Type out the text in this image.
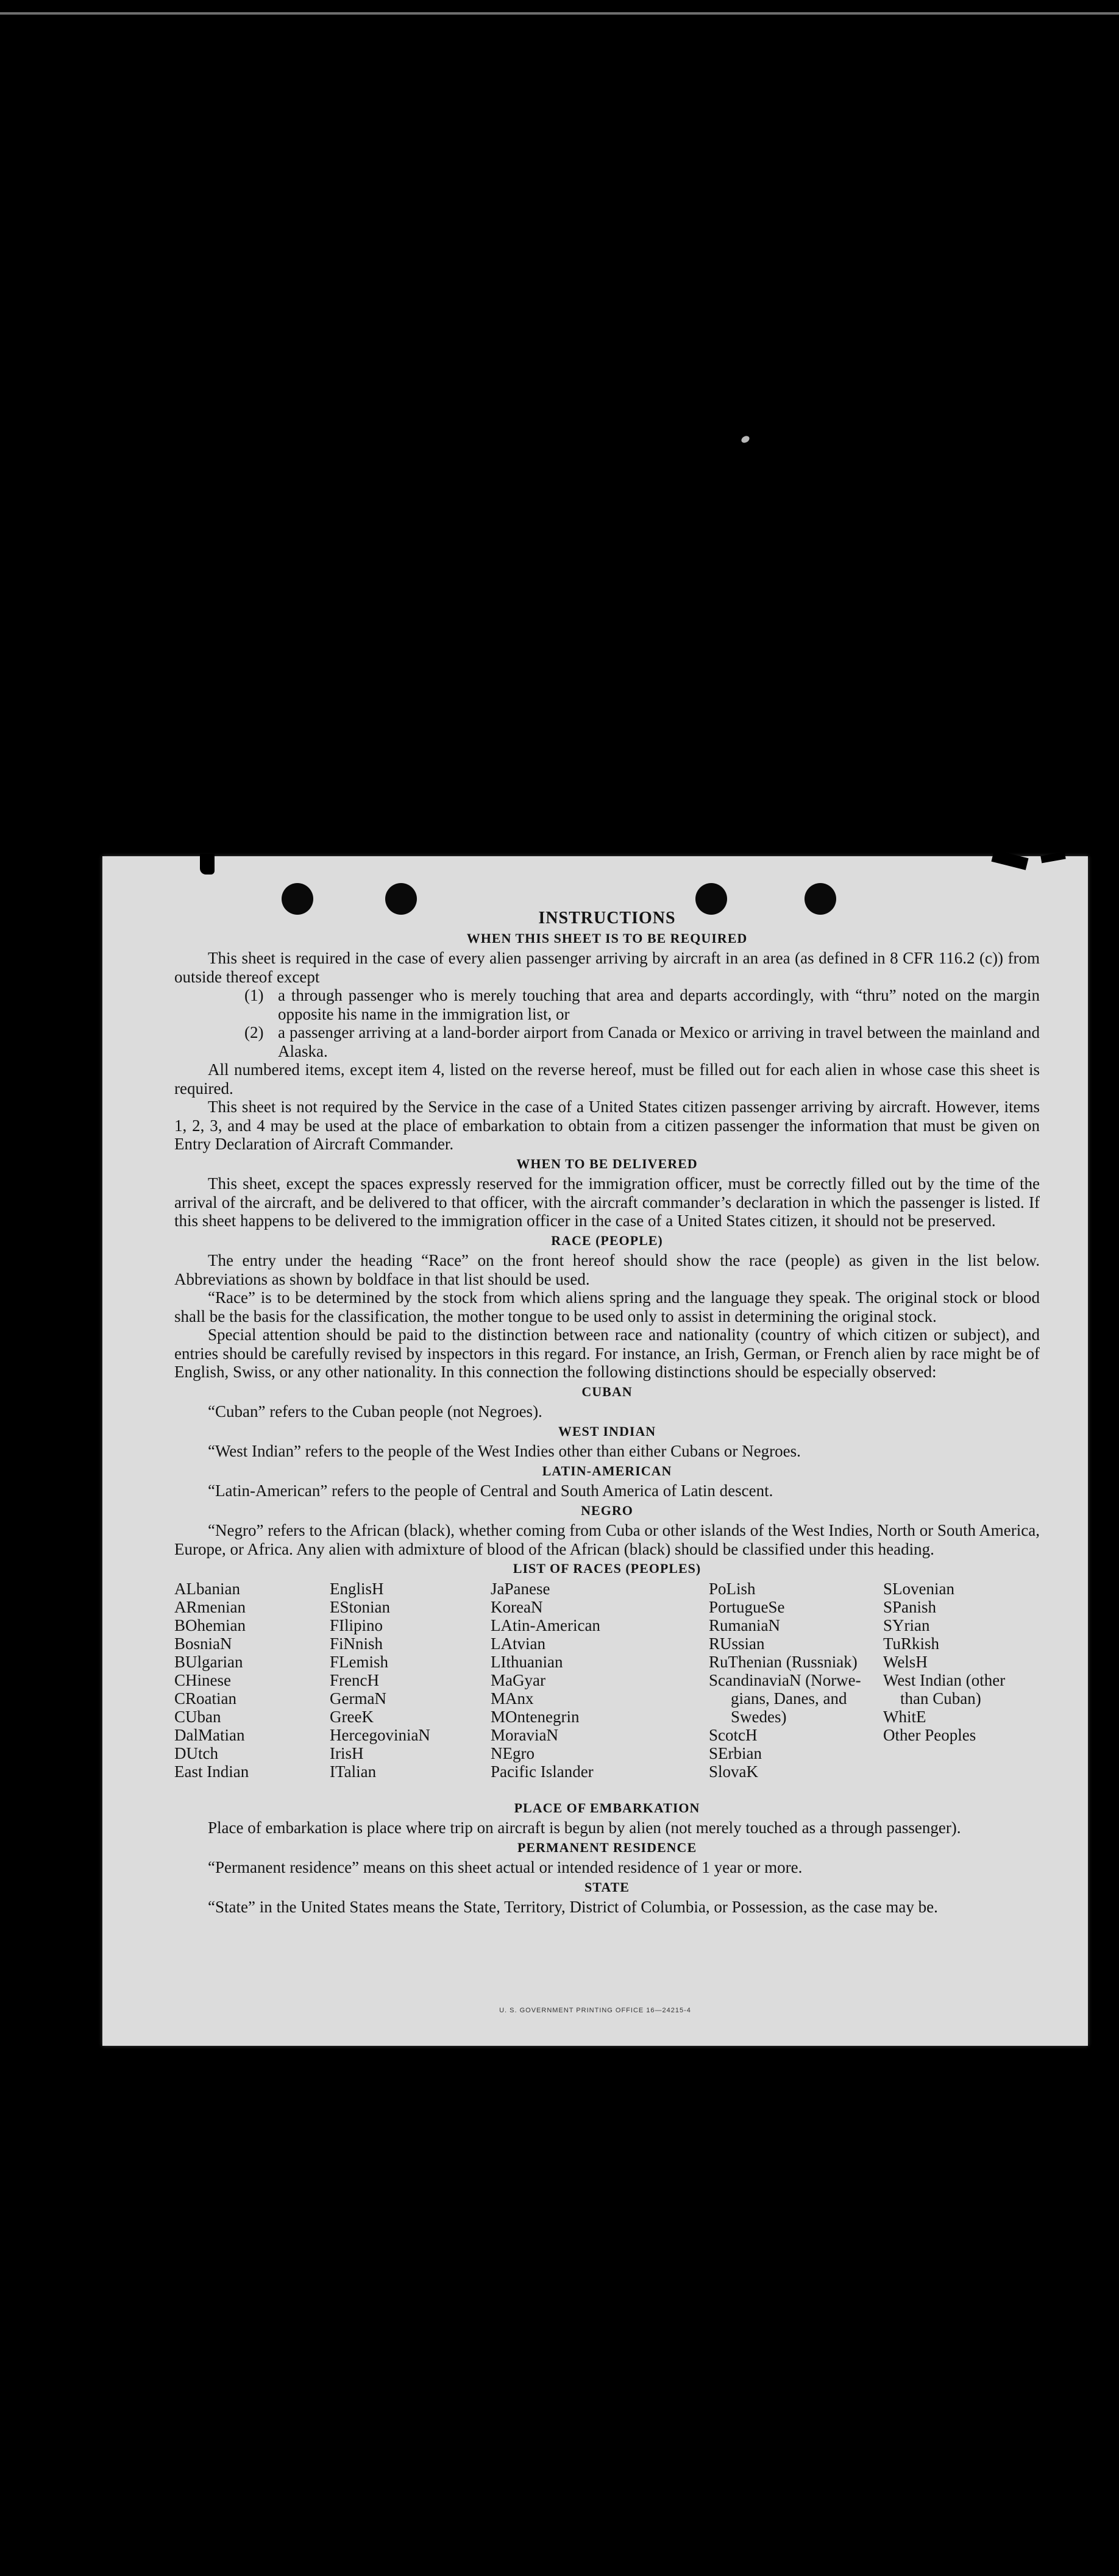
INSTRUCTIONS
WHEN THIS SHEET IS TO BE REQUIRED

This sheet is required in the case of every alien passenger arriving by aircraft in an area (as defined in 8 CFR 116.2 (c)) from outside thereof except

(1) a through passenger who is merely touching that area and departs accordingly, with “thru” noted on the margin opposite his name in the immigration list, or
(2) a passenger arriving at a land-border airport from Canada or Mexico or arriving in travel between the mainland and Alaska.

All numbered items, except item 4, listed on the reverse hereof, must be filled out for each alien in whose case this sheet is required.

This sheet is not required by the Service in the case of a United States citizen passenger arriving by aircraft. However, items 1, 2, 3, and 4 may be used at the place of embarkation to obtain from a citizen passenger the information that must be given on Entry Declaration of Aircraft Commander.

WHEN TO BE DELIVERED

This sheet, except the spaces expressly reserved for the immigration officer, must be correctly filled out by the time of the arrival of the aircraft, and be delivered to that officer, with the aircraft commander’s declaration in which the passenger is listed. If this sheet happens to be delivered to the immigration officer in the case of a United States citizen, it should not be preserved.

RACE (PEOPLE)

The entry under the heading “Race” on the front hereof should show the race (people) as given in the list below. Abbreviations as shown by boldface in that list should be used.

“Race” is to be determined by the stock from which aliens spring and the language they speak. The original stock or blood shall be the basis for the classification, the mother tongue to be used only to assist in determining the original stock.

Special attention should be paid to the distinction between race and nationality (country of which citizen or subject), and entries should be carefully revised by inspectors in this regard. For instance, an Irish, German, or French alien by race might be of English, Swiss, or any other nationality. In this connection the following distinctions should be especially observed:

CUBAN

“Cuban” refers to the Cuban people (not Negroes).

WEST INDIAN

“West Indian” refers to the people of the West Indies other than either Cubans or Negroes.

LATIN-AMERICAN

“Latin-American” refers to the people of Central and South America of Latin descent.

NEGRO

“Negro” refers to the African (black), whether coming from Cuba or other islands of the West Indies, North or South America, Europe, or Africa. Any alien with admixture of blood of the African (black) should be classified under this heading.

LIST OF RACES (PEOPLES)
ALbanian
ARmenian
BOhemian
BosniaN
BUlgarian
CHinese
CRoatian
CUban
DalMatian
DUtch
East Indian
EnglisH
EStonian
FIlipino
FiNnish
FLemish
FrencH
GermaN
GreeK
HercegoviniaN
IrisH
ITalian
JaPanese
KoreaN
LAtin-American
LAtvian
LIthuanian
MaGyar
MAnx
MOntenegrin
MoraviaN
NEgro
Pacific Islander
PoLish
PortugueSe
RumaniaN
RUssian
RuThenian (Russniak)
ScandinaviaN (Norwe-
gians, Danes, and
Swedes)
ScotcH
SErbian
SlovaK
SLovenian
SPanish
SYrian
TuRkish
WelsH
West Indian (other
than Cuban)
WhitE
Other Peoples
PLACE OF EMBARKATION

Place of embarkation is place where trip on aircraft is begun by alien (not merely touched as a through passenger).

PERMANENT RESIDENCE

“Permanent residence” means on this sheet actual or intended residence of 1 year or more.

STATE

“State” in the United States means the State, Territory, District of Columbia, or Possession, as the case may be.

U. S. GOVERNMENT PRINTING OFFICE 16—24215-4
